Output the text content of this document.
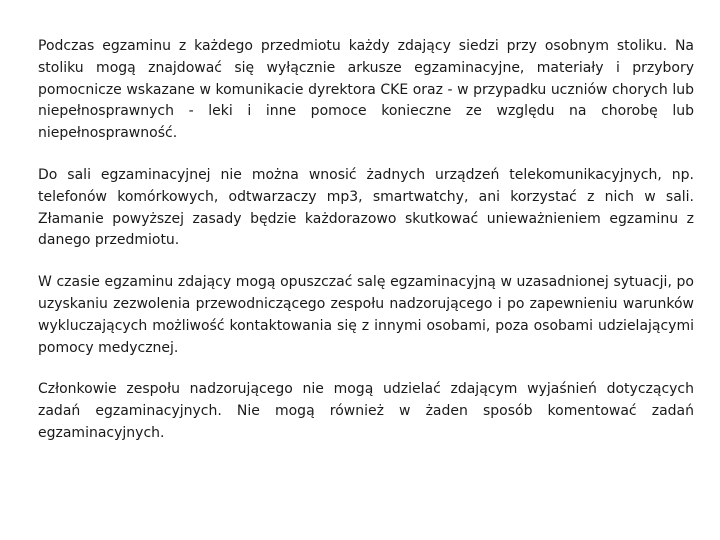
Podczas egzaminu z każdego przedmiotu każdy zdający siedzi przy osobnym stoliku. Na stoliku mogą znajdować się wyłącznie arkusze egzaminacyjne, materiały i przybory pomocnicze wskazane w komunikacie dyrektora CKE oraz - w przypadku uczniów chorych lub niepełnosprawnych - leki i inne pomoce konieczne ze względu na chorobę lub niepełnosprawność.

Do sali egzaminacyjnej nie można wnosić żadnych urządzeń telekomunikacyjnych, np. telefonów komórkowych, odtwarzaczy mp3, smartwatchy, ani korzystać z nich w sali. Złamanie powyższej zasady będzie każdorazowo skutkować unieważnieniem egzaminu z danego przedmiotu.

W czasie egzaminu zdający mogą opuszczać salę egzaminacyjną w uzasadnionej sytuacji, po uzyskaniu zezwolenia przewodniczącego zespołu nadzorującego i po zapewnieniu warunków wykluczających możliwość kontaktowania się z innymi osobami, poza osobami udzielającymi pomocy medycznej.

Członkowie zespołu nadzorującego nie mogą udzielać zdającym wyjaśnień dotyczących zadań egzaminacyjnych. Nie mogą również w żaden sposób komentować zadań egzaminacyjnych.
